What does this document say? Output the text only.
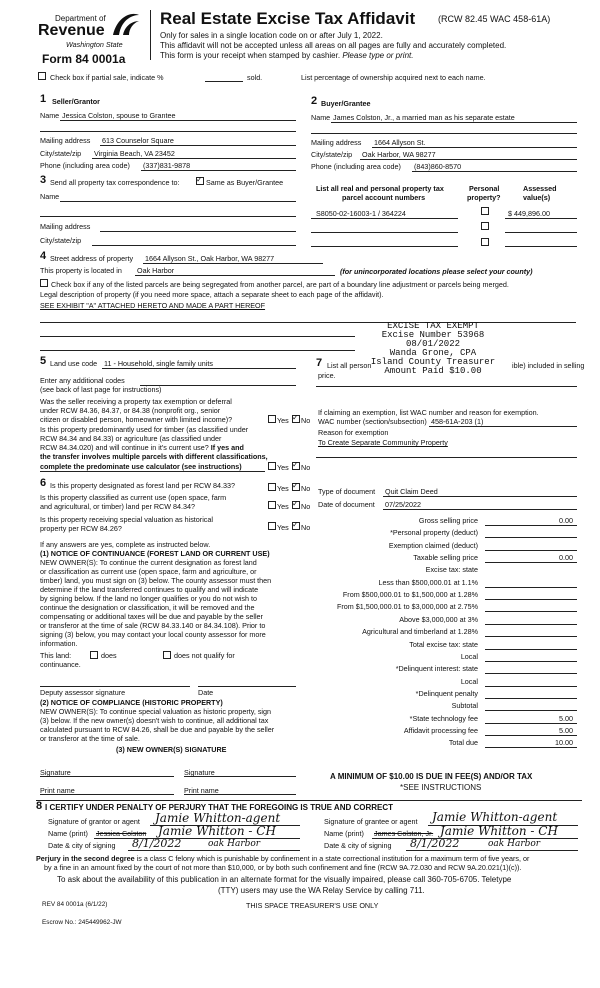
Department of
Revenue
Washington State
Form 84 0001a
Real Estate Excise Tax Affidavit	(RCW 82.45 WAC 458-61A)
Only for sales in a single location code on or after July 1, 2022.
This affidavit will not be accepted unless all areas on all pages are fully and accurately completed.
This form is your receipt when stamped by cashier. Please type or print.
Check box if partial sale, indicate %	sold.	List percentage of ownership acquired next to each name.
1 Seller/Grantor
Name Jessica Colston, spouse to Grantee
Mailing address 613 Counselor Square
City/state/zip Virginia Beach, VA 23452
Phone (including area code) (337)831-9878
2 Buyer/Grantee
Name James Colston, Jr., a married man as his separate estate
Mailing address 1664 Allyson St.
City/state/zip Oak Harbor, WA 98277
Phone (including area code) (843)860-8570
3 Send all property tax correspondence to: ✓	Same as Buyer/Grantee
Name
Mailing address
City/state/zip
List all real and personal property tax
parcel account numbers
Personal
property?
Assessed
value(s)
S8050-02-16003-1 / 364224	$ 449,896.00
4 Street address of property 1664 Allyson St., Oak Harbor, WA 98277
This property is located in Oak Harbor	(for unincorporated locations please select your county)
Check box if any of the listed parcels are being segregated from another parcel, are part of a boundary line adjustment or parcels being merged.
Legal description of property (if you need more space, attach a separate sheet to each page of the affidavit).
SEE EXHIBIT "A" ATTACHED HERETO AND MADE A PART HEREOF
EXCISE TAX EXEMPT
Excise Number 53968
08/01/2022
Wanda Grone, CPA
Island County Treasurer
Amount Paid $10.00
5 Land use code 11 - Household, single family units
Enter any additional codes
(see back of last page for instructions)
Was the seller receiving a property tax exemption or deferral
under RCW 84.36, 84.37, or 84.38 (nonprofit org., senior
citizen or disabled person, homeowner with limited income)?	Yes ✓ No
Is this property predominantly used for timber (as classified under
RCW 84.34 and 84.33) or agriculture (as classified under
RCW 84.34.020) and will continue in it's current use? If yes and
the transfer involves multiple parcels with different classifications,
complete the predominate use calculator (see instructions)	Yes ✓ No
7 List all person	ible) included in selling
price.
If claiming an exemption, list WAC number and reason for exemption.
WAC number (section/subsection) 458-61A-203 (1)
Reason for exemption
To Create Separate Community Property
6 Is this property designated as forest land per RCW 84.33?	Yes ✓ No
Is this property classified as current use (open space, farm
and agricultural, or timber) land per RCW 84.34?	Yes ✓ No
Is this property receiving special valuation as historical
property per RCW 84.26?	Yes ✓ No
If any answers are yes, complete as instructed below.
(1) NOTICE OF CONTINUANCE (FOREST LAND OR CURRENT USE)
NEW OWNER(S): To continue the current designation as forest land
or classification as current use (open space, farm and agriculture, or
timber) land, you must sign on (3) below. The county assessor must then
determine if the land transferred continues to qualify and will indicate
by signing below. If the land no longer qualifies or you do not wish to
continue the designation or classification, it will be removed and the
compensating or additional taxes will be due and payable by the seller
or transferor at the time of sale (RCW 84.33.140 or 84.34.108). Prior to
signing (3) below, you may contact your local county assessor for more
information.
This land:	does	does not qualify for
continuance.
Deputy assessor signature	Date
(2) NOTICE OF COMPLIANCE (HISTORIC PROPERTY)
NEW OWNER(S): To continue special valuation as historic property, sign
(3) below. If the new owner(s) doesn't wish to continue, all additional tax
calculated pursuant to RCW 84.26, shall be due and payable by the seller
or transferor at the time of sale.
(3) NEW OWNER(S) SIGNATURE
Signature	Signature
Print name	Print name
Type of document Quit Claim Deed
Date of document 07/25/2022
Gross selling price	0.00
*Personal property (deduct)
Exemption claimed (deduct)
Taxable selling price	0.00
Excise tax: state
Less than $500,000.01 at 1.1%
From $500,000.01 to $1,500,000 at 1.28%
From $1,500,000.01 to $3,000,000 at 2.75%
Above $3,000,000 at 3%
Agricultural and timberland at 1.28%
Total excise tax: state
Local
*Delinquent interest: state
Local
*Delinquent penalty
Subtotal
*State technology fee	5.00
Affidavit processing fee	5.00
Total due	10.00
A MINIMUM OF $10.00 IS DUE IN FEE(S) AND/OR TAX
*SEE INSTRUCTIONS
8 I CERTIFY UNDER PENALTY OF PERJURY THAT THE FOREGOING IS TRUE AND CORRECT
Signature of grantor or agent Jamie Whitton-agent
Name (print) Jessica Colston Jamie Whitton - CH
Date & city of signing 8/1/2022	oak Harbor
Signature of grantee or agent Jamie Whitton-agent
Name (print) James Colston, Jr. Jamie Whitton - CH
Date & city of signing 8/1/2022	oak Harbor
Perjury in the second degree is a class C felony which is punishable by confinement in a state correctional institution for a maximum term of five years, or
by a fine in an amount fixed by the court of not more than $10,000, or by both such confinement and fine (RCW 9A.72.030 and RCW 9A.20.021(1)(c)).
To ask about the availability of this publication in an alternate format for the visually impaired, please call 360-705-6705. Teletype
(TTY) users may use the WA Relay Service by calling 711.
REV 84 0001a (6/1/22)	THIS SPACE TREASURER'S USE ONLY
Escrow No.: 245449962-JW
